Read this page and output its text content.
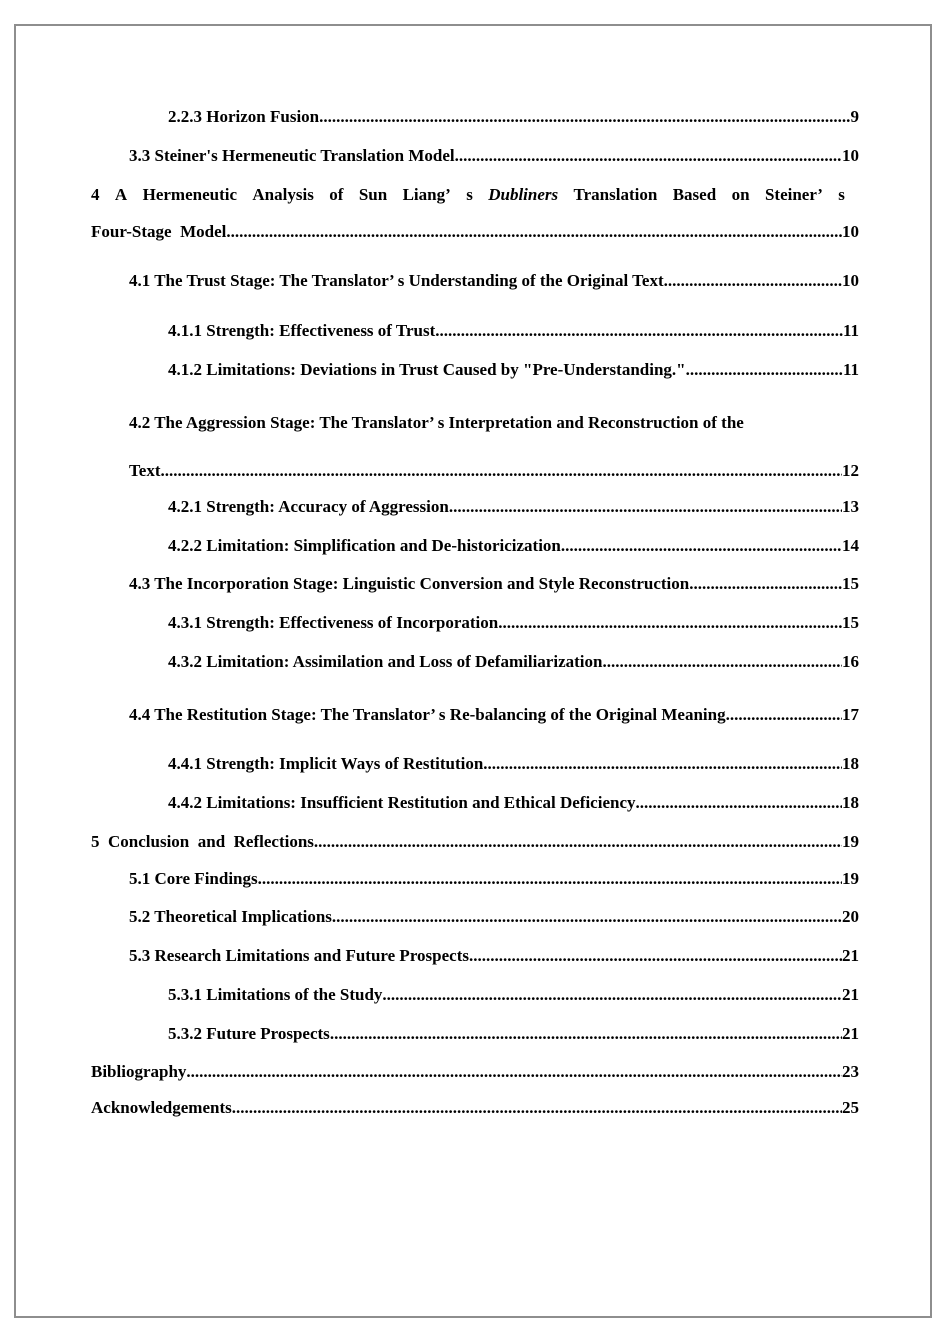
2.2.3 Horizon Fusion .....	9
3.3 Steiner's Hermeneutic Translation Model .....	10
4 A Hermeneutic Analysis of Sun Liang’ s Dubliners Translation Based on Steiner’ s
Four-Stage  Model .....	10
4.1 The Trust Stage: The Translator’ s Understanding of the Original Text .....	10
4.1.1 Strength: Effectiveness of Trust .....	11
4.1.2 Limitations: Deviations in Trust Caused by "Pre-Understanding." .....	11
4.2 The Aggression Stage: The Translator’ s Interpretation and Reconstruction of the
Text .....	12
4.2.1 Strength: Accuracy of Aggression .....	13
4.2.2 Limitation: Simplification and De-historicization .....	14
4.3 The Incorporation Stage: Linguistic Conversion and Style Reconstruction .....	15
4.3.1 Strength: Effectiveness of Incorporation .....	15
4.3.2 Limitation: Assimilation and Loss of Defamiliarization .....	16
4.4 The Restitution Stage: The Translator’ s Re-balancing of the Original Meaning .....	17
4.4.1 Strength: Implicit Ways of Restitution .....	18
4.4.2 Limitations: Insufficient Restitution and Ethical Deficiency .....	18
5  Conclusion  and  Reflections .....	19
5.1 Core Findings .....	19
5.2 Theoretical Implications .....	20
5.3 Research Limitations and Future Prospects .....	21
5.3.1 Limitations of the Study .....	21
5.3.2 Future Prospects .....	21
Bibliography .....	23
Acknowledgements .....	25
